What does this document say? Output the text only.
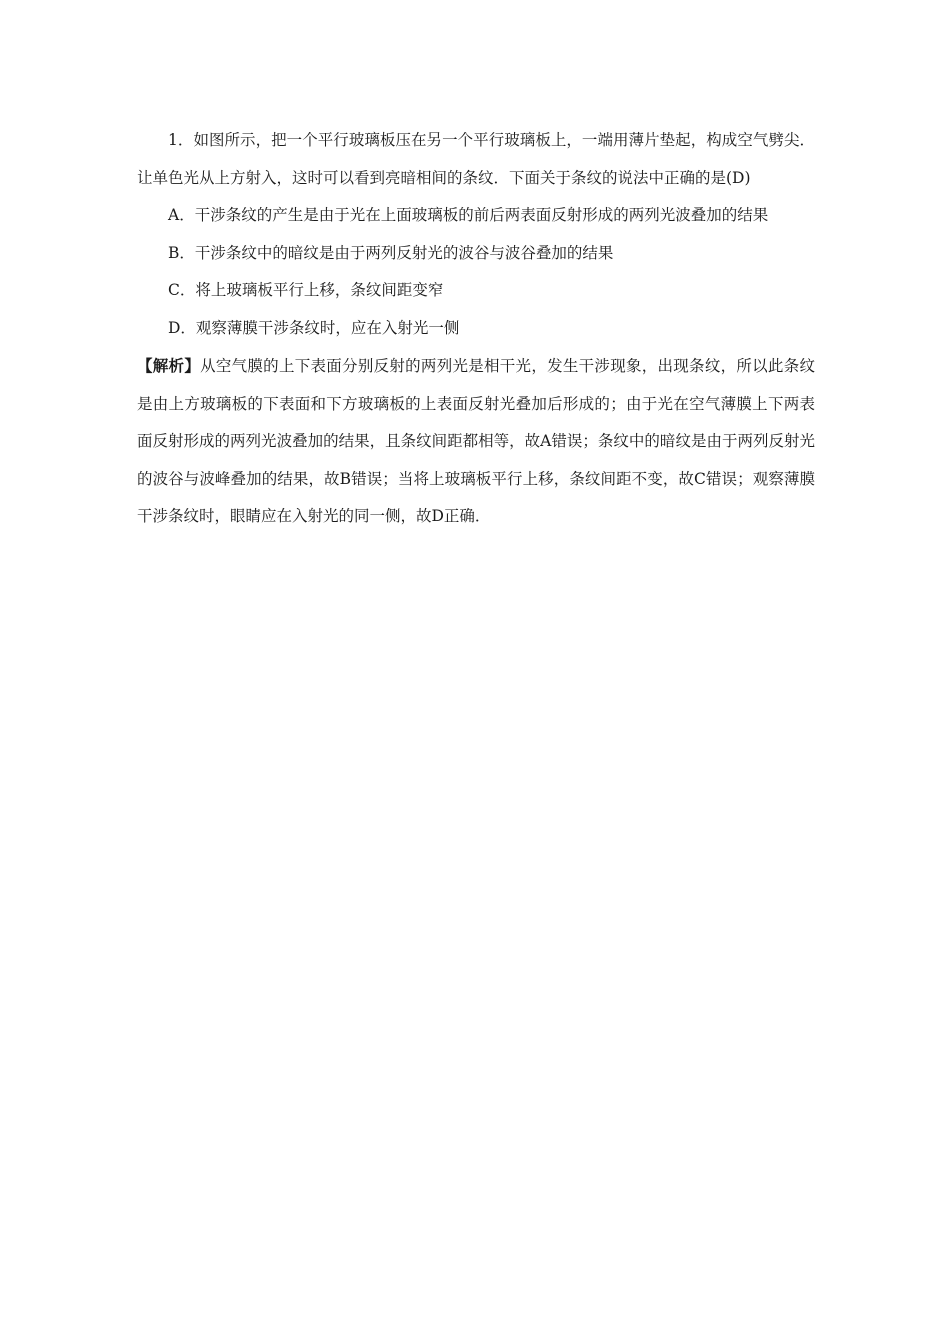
1．如图所示，把一个平行玻璃板压在另一个平行玻璃板上，一端用薄片垫起，构成空气劈尖．让单色光从上方射入，这时可以看到亮暗相间的条纹．下面关于条纹的说法中正确的是(D)

A．干涉条纹的产生是由于光在上面玻璃板的前后两表面反射形成的两列光波叠加的结果
B．干涉条纹中的暗纹是由于两列反射光的波谷与波谷叠加的结果
C．将上玻璃板平行上移，条纹间距变窄
D．观察薄膜干涉条纹时，应在入射光一侧

【解析】从空气膜的上下表面分别反射的两列光是相干光，发生干涉现象，出现条纹，所以此条纹是由上方玻璃板的下表面和下方玻璃板的上表面反射光叠加后形成的；由于光在空气薄膜上下两表面反射形成的两列光波叠加的结果，且条纹间距都相等，故A错误；条纹中的暗纹是由于两列反射光的波谷与波峰叠加的结果，故B错误；当将上玻璃板平行上移，条纹间距不变，故C错误；观察薄膜干涉条纹时，眼睛应在入射光的同一侧，故D正确．
